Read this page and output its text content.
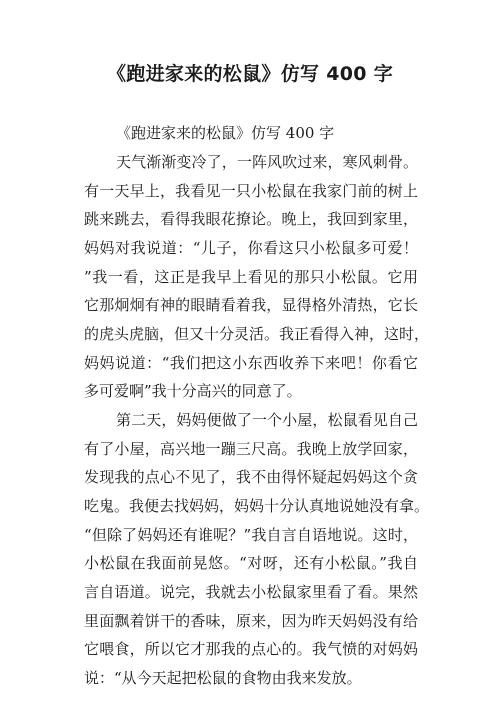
《跑进家来的松鼠》仿写 400 字
《跑进家来的松鼠》仿写 400 字
天气渐渐变冷了，一阵风吹过来，寒风刺骨。
有一天早上，我看见一只小松鼠在我家门前的树上
跳来跳去，看得我眼花撩论。晚上，我回到家里，
妈妈对我说道：“儿子，你看这只小松鼠多可爱！
”我一看，这正是我早上看见的那只小松鼠。它用
它那炯炯有神的眼睛看着我，显得格外清热，它长
的虎头虎脑，但又十分灵活。我正看得入神，这时，
妈妈说道：“我们把这小东西收养下来吧！你看它
多可爱啊”我十分高兴的同意了。
第二天，妈妈便做了一个小屋，松鼠看见自己
有了小屋，高兴地一蹦三尺高。我晚上放学回家，
发现我的点心不见了，我不由得怀疑起妈妈这个贪
吃鬼。我便去找妈妈，妈妈十分认真地说她没有拿。
“但除了妈妈还有谁呢？”我自言自语地说。这时，
小松鼠在我面前晃悠。“对呀，还有小松鼠。”我自
言自语道。说完，我就去小松鼠家里看了看。果然
里面飘着饼干的香味，原来，因为昨天妈妈没有给
它喂食，所以它才那我的点心的。我气愤的对妈妈
说：“从今天起把松鼠的食物由我来发放。
